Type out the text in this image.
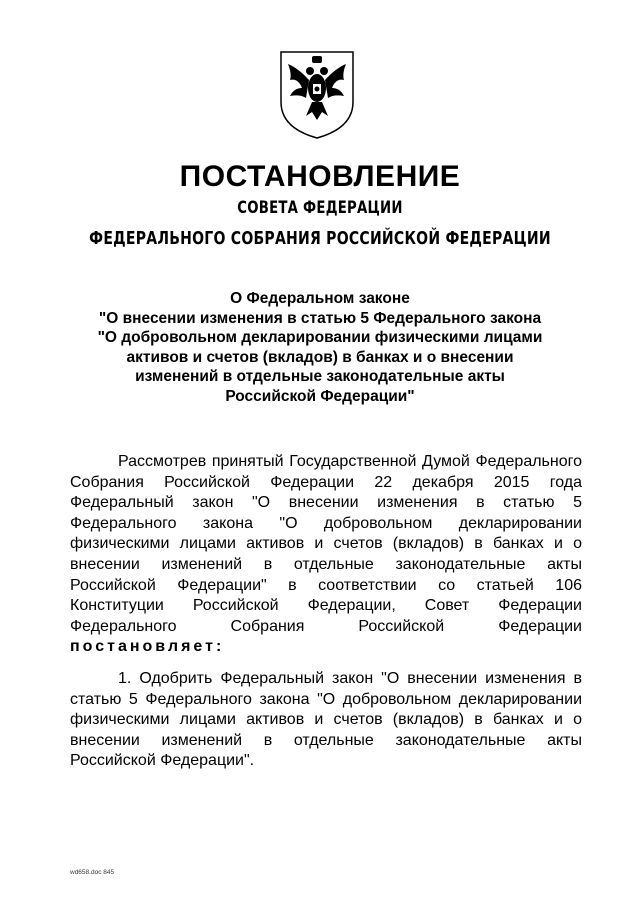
ПОСТАНОВЛЕНИЕ
СОВЕТА ФЕДЕРАЦИИ
ФЕДЕРАЛЬНОГО СОБРАНИЯ РОССИЙСКОЙ ФЕДЕРАЦИИ
О Федеральном законе
"О внесении изменения в статью 5 Федерального закона
"О добровольном декларировании физическими лицами
активов и счетов (вкладов) в банках и о внесении
изменений в отдельные законодательные акты
Российской Федерации"
Рассмотрев принятый Государственной Думой Федерального
Собрания Российской Федерации 22 декабря 2015 года
Федеральный закон "О внесении изменения в статью 5
Федерального закона "О добровольном декларировании
физическими лицами активов и счетов (вкладов) в банках и о
внесении изменений в отдельные законодательные акты
Российской Федерации" в соответствии со статьей 106
Конституции Российской Федерации, Совет Федерации
Федерального Собрания Российской Федерации
постановляет:
1. Одобрить Федеральный закон "О внесении изменения в
статью 5 Федерального закона "О добровольном декларировании
физическими лицами активов и счетов (вкладов) в банках и о
внесении изменений в отдельные законодательные акты
Российской Федерации".
wd658.doc 845
